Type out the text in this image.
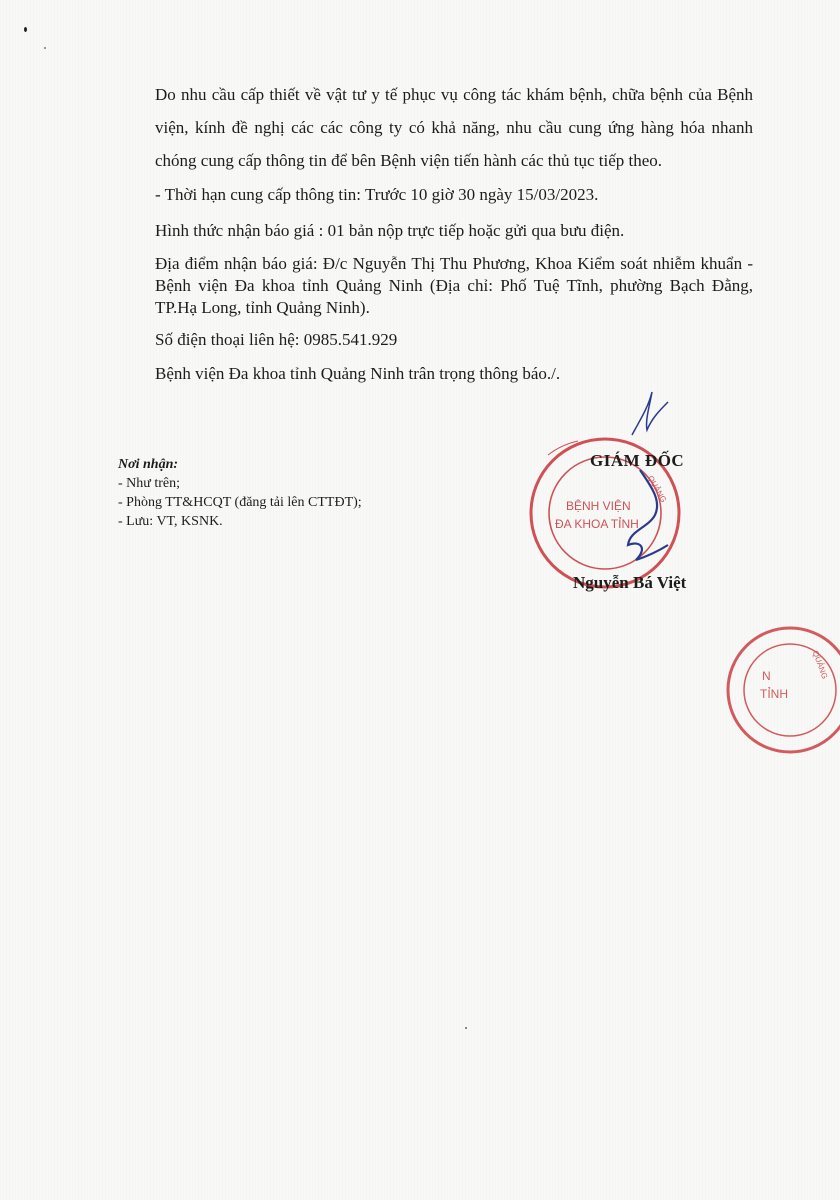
Do nhu cầu cấp thiết về vật tư y tế phục vụ công tác khám bệnh, chữa bệnh của Bệnh viện, kính đề nghị các các công ty có khả năng, nhu cầu cung ứng hàng hóa nhanh chóng cung cấp thông tin để bên Bệnh viện tiến hành các thủ tục tiếp theo.

- Thời hạn cung cấp thông tin: Trước 10 giờ 30 ngày 15/03/2023.

Hình thức nhận báo giá : 01 bản nộp trực tiếp hoặc gửi qua bưu điện.

Địa điểm nhận báo giá: Đ/c Nguyễn Thị Thu Phương, Khoa Kiểm soát nhiễm khuẩn - Bệnh viện Đa khoa tỉnh Quảng Ninh (Địa chỉ: Phố Tuệ Tĩnh, phường Bạch Đằng, TP.Hạ Long, tỉnh Quảng Ninh).

Số điện thoại liên hệ: 0985.541.929

Bệnh viện Đa khoa tỉnh Quảng Ninh trân trọng thông báo./.

Nơi nhận:
- Như trên;
- Phòng TT&HCQT (đăng tải lên CTTĐT);
- Lưu: VT, KSNK.
BỆNH VIỆN
ĐA KHOA TỈNH
QUẢNG
N
TỈNH
QUẢNG
GIÁM ĐỐC
Nguyễn Bá Việt
